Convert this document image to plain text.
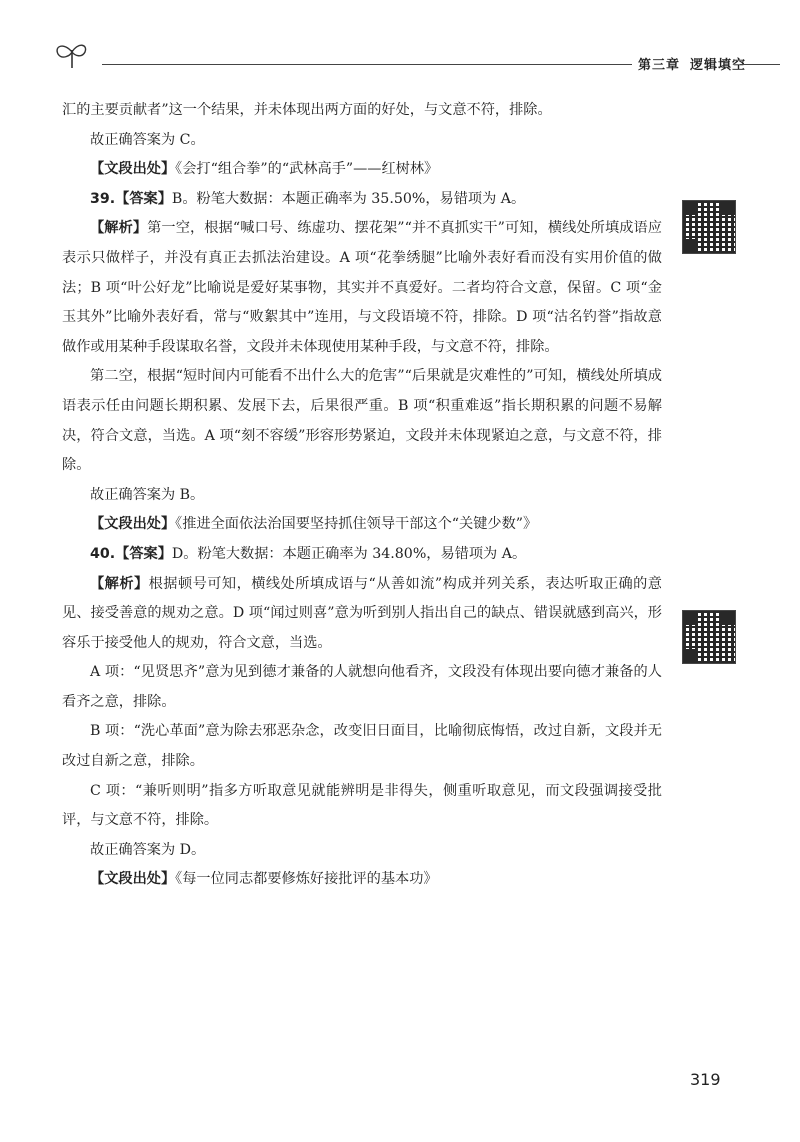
第三章 逻辑填空

汇的主要贡献者”这一个结果，并未体现出两方面的好处，与文意不符，排除。

故正确答案为 C。

【文段出处】《会打“组合拳”的“武林高手”——红树林》

39.【答案】B。粉笔大数据：本题正确率为 35.50%，易错项为 A。

【解析】第一空，根据“喊口号、练虚功、摆花架”“并不真抓实干”可知，横线处所填成语应表示只做样子，并没有真正去抓法治建设。A 项“花拳绣腿”比喻外表好看而没有实用价值的做法；B 项“叶公好龙”比喻说是爱好某事物，其实并不真爱好。二者均符合文意，保留。C 项“金玉其外”比喻外表好看，常与“败絮其中”连用，与文段语境不符，排除。D 项“沽名钓誉”指故意做作或用某种手段谋取名誉，文段并未体现使用某种手段，与文意不符，排除。

第二空，根据“短时间内可能看不出什么大的危害”“后果就是灾难性的”可知，横线处所填成语表示任由问题长期积累、发展下去，后果很严重。B 项“积重难返”指长期积累的问题不易解决，符合文意，当选。A 项“刻不容缓”形容形势紧迫，文段并未体现紧迫之意，与文意不符，排除。

故正确答案为 B。

【文段出处】《推进全面依法治国要坚持抓住领导干部这个“关键少数”》

40.【答案】D。粉笔大数据：本题正确率为 34.80%，易错项为 A。

【解析】根据顿号可知，横线处所填成语与“从善如流”构成并列关系，表达听取正确的意见、接受善意的规劝之意。D 项“闻过则喜”意为听到别人指出自己的缺点、错误就感到高兴，形容乐于接受他人的规劝，符合文意，当选。

A 项：“见贤思齐”意为见到德才兼备的人就想向他看齐，文段没有体现出要向德才兼备的人看齐之意，排除。

B 项：“洗心革面”意为除去邪恶杂念，改变旧日面目，比喻彻底悔悟，改过自新，文段并无改过自新之意，排除。

C 项：“兼听则明”指多方听取意见就能辨明是非得失，侧重听取意见，而文段强调接受批评，与文意不符，排除。

故正确答案为 D。

【文段出处】《每一位同志都要修炼好接批评的基本功》

319
